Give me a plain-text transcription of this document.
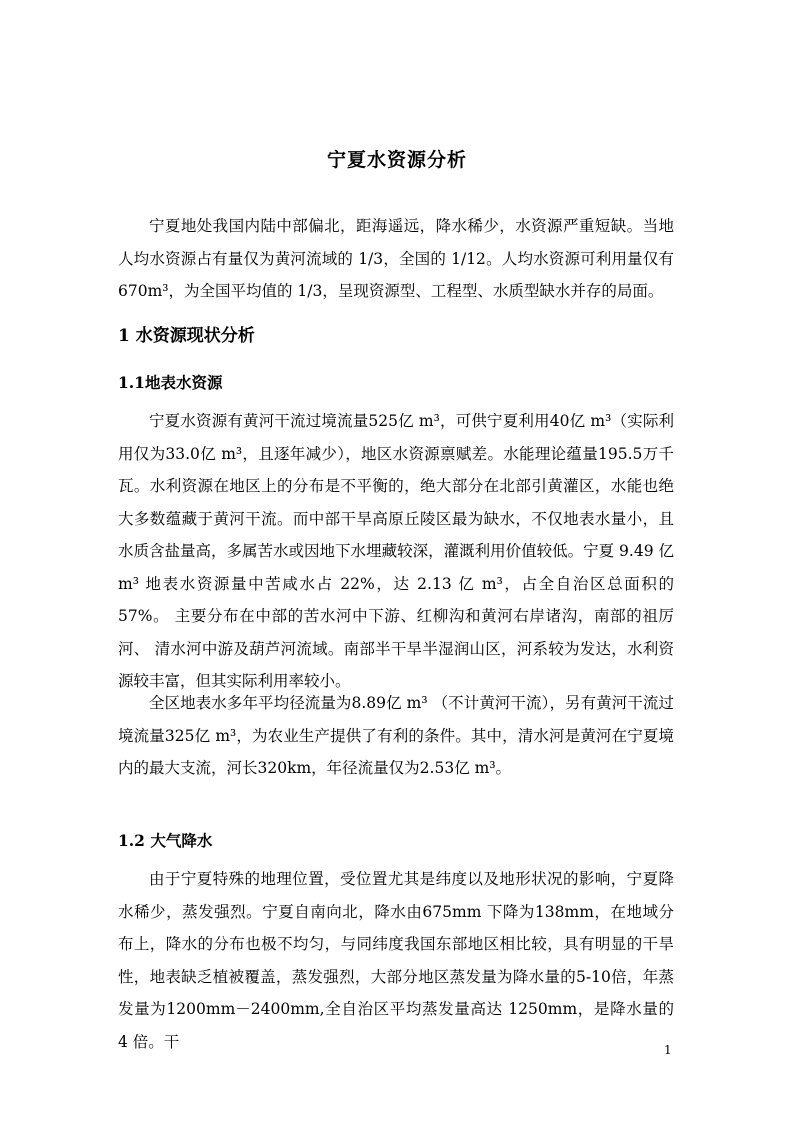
宁夏水资源分析

宁夏地处我国内陆中部偏北，距海遥远，降水稀少，水资源严重短缺。当地人均水资源占有量仅为黄河流域的 1/3，全国的 1/12。人均水资源可利用量仅有 670m³，为全国平均值的 1/3，呈现资源型、工程型、水质型缺水并存的局面。

1 水资源现状分析
1.1地表水资源

宁夏水资源有黄河干流过境流量525亿 m³，可供宁夏利用40亿 m³（实际利用仅为33.0亿 m³，且逐年减少），地区水资源禀赋差。水能理论蕴量195.5万千瓦。水利资源在地区上的分布是不平衡的，绝大部分在北部引黄灌区，水能也绝大多数蕴藏于黄河干流。而中部干旱高原丘陵区最为缺水，不仅地表水量小，且水质含盐量高，多属苦水或因地下水埋藏较深，灌溉利用价值较低。宁夏 9.49 亿 m³ 地表水资源量中苦咸水占 22%，达 2.13 亿 m³，占全自治区总面积的 57%。 主要分布在中部的苦水河中下游、红柳沟和黄河右岸诸沟，南部的祖厉河、 清水河中游及葫芦河流域。南部半干旱半湿润山区，河系较为发达，水利资源较丰富，但其实际利用率较小。

全区地表水多年平均径流量为8.89亿 m³ （不计黄河干流），另有黄河干流过境流量325亿 m³，为农业生产提供了有利的条件。其中，清水河是黄河在宁夏境内的最大支流，河长320km，年径流量仅为2.53亿 m³。

1.2 大气降水

由于宁夏特殊的地理位置，受位置尤其是纬度以及地形状况的影响，宁夏降水稀少，蒸发强烈。宁夏自南向北，降水由675mm 下降为138mm，在地域分布上，降水的分布也极不均匀，与同纬度我国东部地区相比较，具有明显的干旱性，地表缺乏植被覆盖，蒸发强烈，大部分地区蒸发量为降水量的5-10倍，年蒸发量为1200mm－2400mm,全自治区平均蒸发量高达 1250mm，是降水量的 4 倍。干	1
